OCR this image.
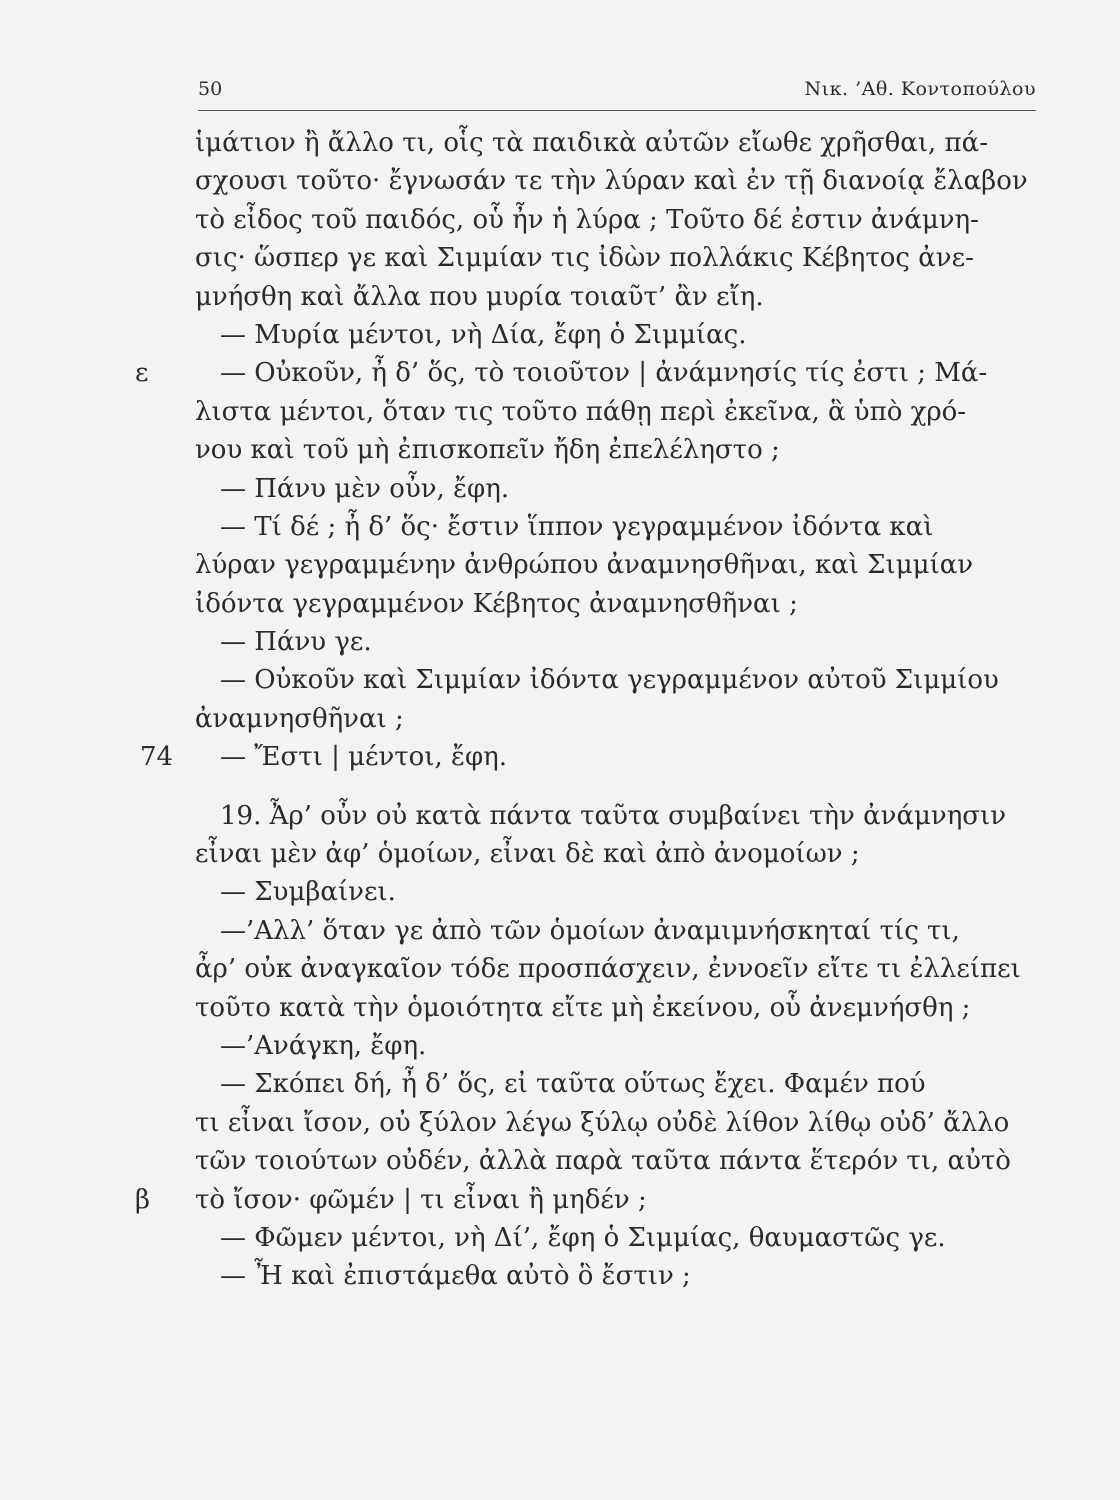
50	Νικ. ’Αθ. Κοντοπούλου
ἱμάτιον ἢ ἄλλο τι, οἷς τὰ παιδικὰ αὐτῶν εἴωθε χρῆσθαι, πά-
σχουσι τοῦτο· ἔγνωσάν τε τὴν λύραν καὶ ἐν τῇ διανοίᾳ ἔλαβον
τὸ εἶδος τοῦ παιδός, οὗ ἦν ἡ λύρα ; Τοῦτο δέ ἐστιν ἀνάμνη-
σις· ὥσπερ γε καὶ Σιμμίαν τις ἰδὼν πολλάκις Κέβητος ἀνε-
μνήσθη καὶ ἄλλα που μυρία τοιαῦτ’ ἂν εἴη.
— Μυρία μέντοι, νὴ Δία, ἔφη ὁ Σιμμίας.
ε	— Οὐκοῦν, ἦ δ’ ὅς, τὸ τοιοῦτον | ἀνάμνησίς τίς ἐστι ; Μά-
λιστα μέντοι, ὅταν τις τοῦτο πάθῃ περὶ ἐκεῖνα, ἃ ὑπὸ χρό-
νου καὶ τοῦ μὴ ἐπισκοπεῖν ἤδη ἐπελέληστο ;
— Πάνυ μὲν οὖν, ἔφη.
— Τί δέ ; ἦ δ’ ὅς· ἔστιν ἵππον γεγραμμένον ἰδόντα καὶ
λύραν γεγραμμένην ἀνθρώπου ἀναμνησθῆναι, καὶ Σιμμίαν
ἰδόντα γεγραμμένον Κέβητος ἀναμνησθῆναι ;
— Πάνυ γε.
— Οὐκοῦν καὶ Σιμμίαν ἰδόντα γεγραμμένον αὐτοῦ Σιμμίου
ἀναμνησθῆναι ;
74 — Ἔστι | μέντοι, ἔφη.
19. Ἆρ’ οὖν οὐ κατὰ πάντα ταῦτα συμβαίνει τὴν ἀνάμνησιν
εἶναι μὲν ἀφ’ ὁμοίων, εἶναι δὲ καὶ ἀπὸ ἀνομοίων ;
— Συμβαίνει.
—’Αλλ’ ὅταν γε ἀπὸ τῶν ὁμοίων ἀναμιμνήσκηταί τίς τι,
ἆρ’ οὐκ ἀναγκαῖον τόδε προσπάσχειν, ἐννοεῖν εἴτε τι ἐλλείπει
τοῦτο κατὰ τὴν ὁμοιότητα εἴτε μὴ ἐκείνου, οὗ ἀνεμνήσθη ;
—’Ανάγκη, ἔφη.
— Σκόπει δή, ἦ δ’ ὅς, εἰ ταῦτα οὕτως ἔχει. Φαμέν πού
τι εἶναι ἴσον, οὐ ξύλον λέγω ξύλῳ οὐδὲ λίθον λίθῳ οὐδ’ ἄλλο
τῶν τοιούτων οὐδέν, ἀλλὰ παρὰ ταῦτα πάντα ἕτερόν τι, αὐτὸ
β τὸ ἴσον· φῶμέν | τι εἶναι ἢ μηδέν ;
— Φῶμεν μέντοι, νὴ Δί’, ἔφη ὁ Σιμμίας, θαυμαστῶς γε.
— Ἦ καὶ ἐπιστάμεθα αὐτὸ ὃ ἔστιν ;
